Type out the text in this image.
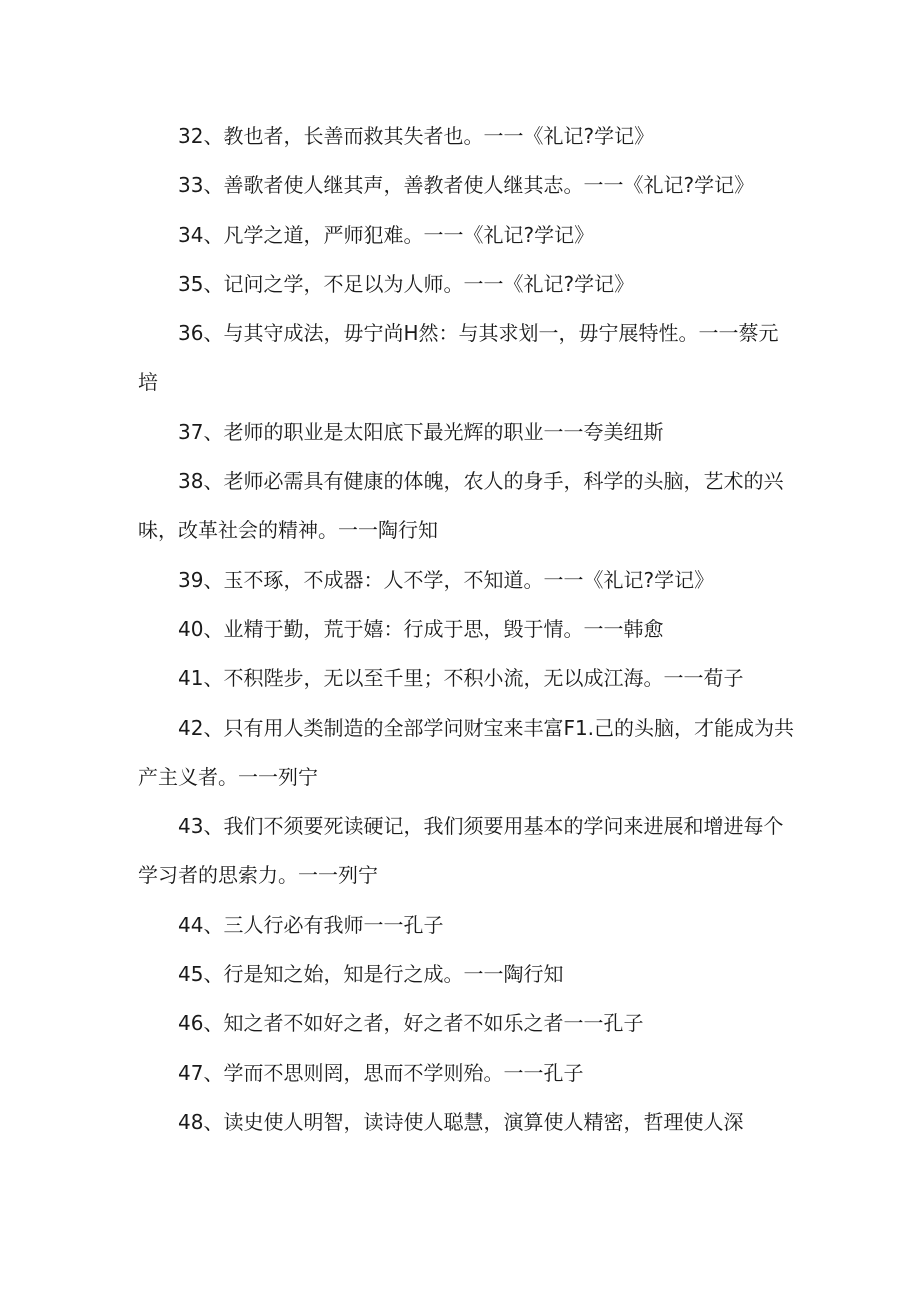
32、教也者，长善而救其失者也。一一《礼记?学记》
33、善歌者使人继其声，善教者使人继其志。一一《礼记?学记》
34、凡学之道，严师犯难。一一《礼记?学记》
35、记问之学，不足以为人师。一一《礼记?学记》
36、与其守成法，毋宁尚H然：与其求划一，毋宁展特性。一一蔡元
培
37、老师的职业是太阳底下最光辉的职业一一夸美纽斯
38、老师必需具有健康的体魄，农人的身手，科学的头脑，艺术的兴
味，改革社会的精神。一一陶行知
39、玉不琢，不成器：人不学，不知道。一一《礼记?学记》
40、业精于勤，荒于嬉：行成于思，毁于情。一一韩愈
41、不积陛步，无以至千里；不积小流，无以成江海。一一荀子
42、只有用人类制造的全部学问财宝来丰富F1.己的头脑，才能成为共
产主义者。一一列宁
43、我们不须要死读硬记，我们须要用基本的学问来进展和增进每个
学习者的思索力。一一列宁
44、三人行必有我师一一孔子
45、行是知之始，知是行之成。一一陶行知
46、知之者不如好之者，好之者不如乐之者一一孔子
47、学而不思则罔，思而不学则殆。一一孔子
48、读史使人明智，读诗使人聪慧，演算使人精密，哲理使人深
